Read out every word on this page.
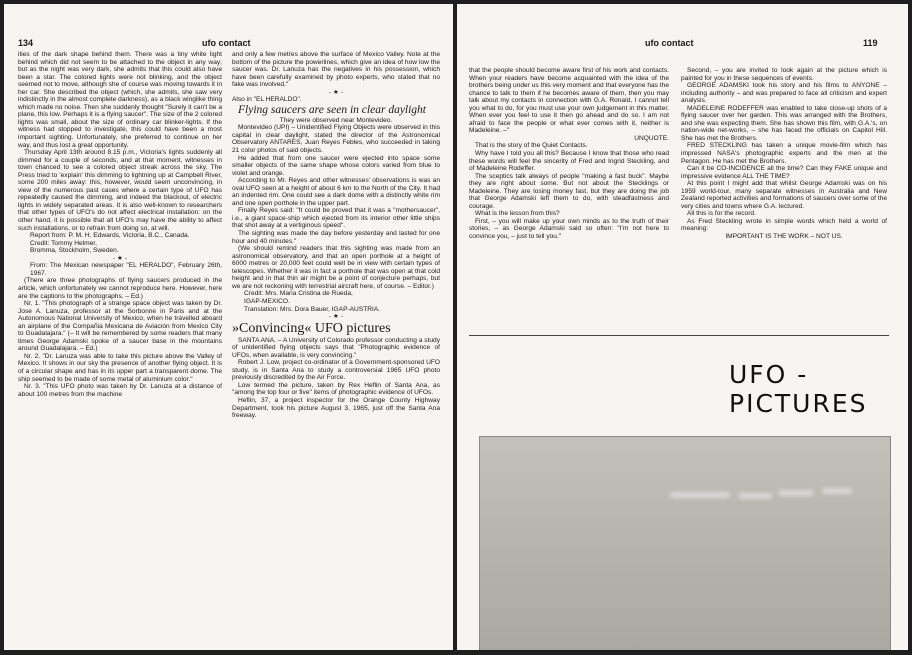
134	ufo contact

ities of the dark shape behind them. There was a tiny white light behind which did not seem to be attached to the object in any way; but as the night was very dark, she admits that this could also have been a star. The colored lights were not blinking, and the object seemed not to move, although she of course was moving towards it in her car. She described the object (which, she admits, she saw very indistinctly in the almost complete darkness), as a black winglike thing which made no noise. Then she suddenly thought "Surely it can't be a plane, this low. Perhaps it is a flying saucer". The size of the 2 colored lights was small, about the size of ordinary car blinker-lights. If the witness had stopped to investigate, this could have been a most important sighting. Unfortunately, she preferred to continue on her way, and thus lost a great opportunity.

Thursday April 13th around 8.15 p.m., Victoria's lights suddenly all dimmed for a couple of seconds, and at that moment, witnesses in town chanced to see a colored object streak across the sky. The Press tried to 'explain' this dimming to lightning up at Campbell River, some 200 miles away: this, however, would seem unconvincing, in view of the numerous past cases where a certain type of UFO has repeatedly caused the dimming, and indeed the blackout, of electric lights in widely separated areas. It is also well-known to researchers that other types of UFO's do not affect electrical installation: on the other hand, it is possible that all UFO's may have the ability to affect such installations, or to refrain from doing so, at will.

Report from: P. M. H. Edwards, Victoria, B.C., Canada.

Credit: Tommy Helmer,

Bromma, Stockholm, Sweden.

- ★ -

From: The Mexican newspaper "EL HERALDO", February 26th, 1967.

(There are three photographs of flying saucers produced in the article, which unfortunately we cannot reproduce here. However, here are the captions to the photographs. – Ed.)

Nr. 1. "This photograph of a strange space object was taken by Dr. Jose A. Lanuza, professor at the Sorbonne in Paris and at the Autonomous National University of Mexico, when he travelled aboard an airplane of the Compañia Mexicana de Aviación from Mexico City to Guadalajara." (– It will be remembered by some readers that many times George Adamski spoke of a saucer base in the mountains around Guadalajara. – Ed.)

Nr. 2. "Dr. Lanuza was able to take this picture above the Valley of Mexico. It shows in our sky the presence of another flying object. It is of a circular shape and has in its upper part a transparent dome. The ship seemed to be made of some metal of aluminium color."

Nr. 3. "This UFO photo was taken by Dr. Lanuza at a distance of about 100 metres from the machine

and only a few metres above the surface of Mexico Valley. Note at the bottom of the picture the powerlines, which give an idea of how low the saucer was. Dr. Lanuza has the negatives in his possession, which have been carefully examined by photo experts, who stated that no fake was involved."

- ★ -

Also in "EL HERALDO".

Flying saucers are seen in clear daylight

They were observed near Montevideo.

Montevideo (UPI) – Unidentified Flying Objects were observed in this capital in clear daylight, stated the director of the Astronomical Observatory ANTARES, Juan Reyes Febles, who succeeded in taking 21 color photos of said objects.

He added that from one saucer were ejected into space some smaller objects of the same shape whose colors varied from blue to violet and orange.

According to Mr. Reyes and other witnesses' observations is was an oval UFO seen at a height of about 6 km to the North of the City. It had an indented rim. One could see a dark dome with a distinctly white rim and one open porthole in the upper part.

Finally Reyes said: "It could be proved that it was a "mothersaucer", i.e., a giant space-ship which ejected from its interior other little ships that shot away at a vertiginous speed".

The sighting was made the day before yesterday and lasted for one hour and 40 minutes."

(We should remind readers that this sighting was made from an astronomical observatory, and that an open porthole at a height of 6000 metres or 20,000 feet could well be in view with certain types of telescopes. Whether it was in fact a porthole that was open at that cold height and in that thin air might be a point of conjecture perhaps, but we are not reckoning with terrestrial aircraft here, of course. – Editor.)

Credit: Mrs. Maria Cristina de Rueda,

IGAP-MEXICO.

Translation: Mrs. Dora Bauer, IGAP-AUSTRIA.

- ★ -

»Convincing« UFO pictures

SANTA ANA. – A University of Colorado professor conducting a study of unidentified flying objects says that "Photographic evidence of UFOs, when available, is very convincing."

Robert J. Low, project co-ordinator of a Government-sponsored UFO study, is in Santa Ana to study a controversial 1965 UFO photo previously discredited by the Air Force.

Low termed the picture, taken by Rex Heflin of Santa Ana, as "among the top four or five" items of photographic evidence of UFOs.

Heflin, 37, a project inspector for the Orange County Highway Department, took his picture August 3, 1965, just off the Santa Ana freeway.

ufo contact	119

that the people should become aware first of his work and contacts. When your readers have become acquainted with the idea of the brothers being under us this very moment and that everyone has the chance to talk to them if he becomes aware of them, then you may talk about my contacts in connection with G.A. Ronald, I cannot tell you what to do, for you must use your own judgement in this matter. When ever you feel to use it then go ahead and do so. I am not afraid to face the people or what ever comes with it, neither is Madeleine. –"

UNQUOTE.

That is the story of the Quiet Contacts.

Why have I told you all this? Because I know that those who read these words will feel the sincerity of Fred and Ingrid Steckling, and of Madeleine Rodeffer.

The sceptics talk always of people "making a fast buck". Maybe they are right about some. But not about the Stecklings or Madeleine. They are losing money fast, but they are doing the job that George Adamski left them to do, with steadfastness and courage.

What is the lesson from this?

First, – you will make up your own minds as to the truth of their stories, – as George Adamski said so often: "I'm not here to convince you, – just to tell you."

Second, – you are invited to look again at the picture which is painted for you in these sequences of events.

GEORGE ADAMSKI took his story and his films to ANYONE – including authority – and was prepared to face all criticism and expert analysis.

MADELEINE RODEFFER was enabled to take close-up shots of a flying saucer over her garden. This was arranged with the Brothers, and she was expecting them. She has shown this film, with G.A.'s, on nation-wide net-works, – she has faced the officials on Capitol Hill. She has met the Brothers.

FRED STECKLING has taken a unique movie-film which has impressed NASA's photographic experts and the men at the Pentagon. He has met the Brothers.

Can it be CO-INCIDENCE all the time? Can they FAKE unique and impressive evidence ALL THE TIME?

At this point I might add that whilst George Adamski was on his 1959 world-tour, many separate witnesses in Australia and New Zealand reported activities and formations of saucers over some of the very cities and towns where G.A. lectured.

All this is for the record.

As Fred Steckling wrote in simple words which held a world of meaning:

IMPORTANT IS THE WORK – NOT US.

UFO - PICTURES
